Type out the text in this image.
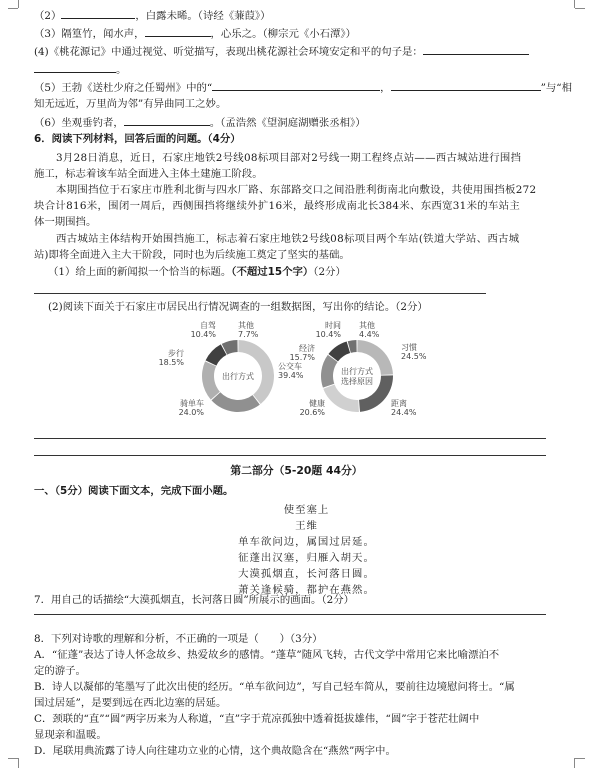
（2）	，白露未晞。（诗经《蒹葭》）
（3）隔篁竹，闻水声，	，心乐之。（柳宗元《小石潭》）
(4)《桃花源记》中通过视觉、听觉描写，表现出桃花源社会环境安定和平的句子是：
。
（5）王勃《送杜少府之任蜀州》中的“	，	”与“相
知无远近，万里尚为邻”有异曲同工之妙。
（6）坐观垂钓者，	。（孟浩然《望洞庭湖赠张丞相》）
6．阅读下列材料，回答后面的问题。（4分）
3月28日消息，近日，石家庄地铁2号线08标项目部对2号线一期工程终点站——西古城站进行围挡
施工，标志着该车站全面进入主体土建施工阶段。
本期围挡位于石家庄市胜利北街与四水厂路、东部路交口之间沿胜利街南北向敷设，共使用围挡板272
块合计816米，围闭一周后，西侧围挡将继续外扩16米，最终形成南北长384米、东西宽31米的车站主
体一期围挡。
西古城站主体结构开始围挡施工，标志着石家庄地铁2号线08标项目两个车站(铁道大学站、西古城
站)即将全面进入主大干阶段，同时也为后续施工奠定了坚实的基础。
（1）给上面的新闻拟一个恰当的标题。（不超过15个字）（2分）
(2)阅读下面关于石家庄市居民出行情况调查的一组数据图，写出你的结论。（2分）
公交车
39.4%
骑单车
24.0%
步行
18.5%
自驾
10.4%
其他
7.7%
出行方式
习惯
24.5%
距离
24.4%
健康
20.6%
经济
15.7%
时间
10.4%
其他
4.4%
出行方式
选择原因
第二部分（5-20题 44分）
一、（5分）阅读下面文本，完成下面小题。
使至塞上
王维
单车欲问边，属国过居延。
征蓬出汉塞，归雁入胡天。
大漠孤烟直，长河落日圆。
萧关逢候骑，都护在燕然。
7．用自己的话描绘“大漠孤烟直，长河落日圆”所展示的画面。（2分）
8．下列对诗歌的理解和分析，不正确的一项是（　　）（3分）
A．“征蓬”表达了诗人怀念故乡、热爱故乡的感情。“蓬草”随风飞转，古代文学中常用它来比喻漂泊不
定的游子。
B．诗人以凝郁的笔墨写了此次出使的经历。“单车欲问边”，写自己轻车简从，要前往边境慰问将士。“属
国过居延”，是要到远在西北边塞的居延。
C．颈联的“直”“圆”两字历来为人称道，“直”字于荒凉孤独中透着挺拔雄伟，“圆”字于苍茫壮阔中
显现亲和温暖。
D．尾联用典流露了诗人向往建功立业的心情，这个典故隐含在“燕然”两字中。
